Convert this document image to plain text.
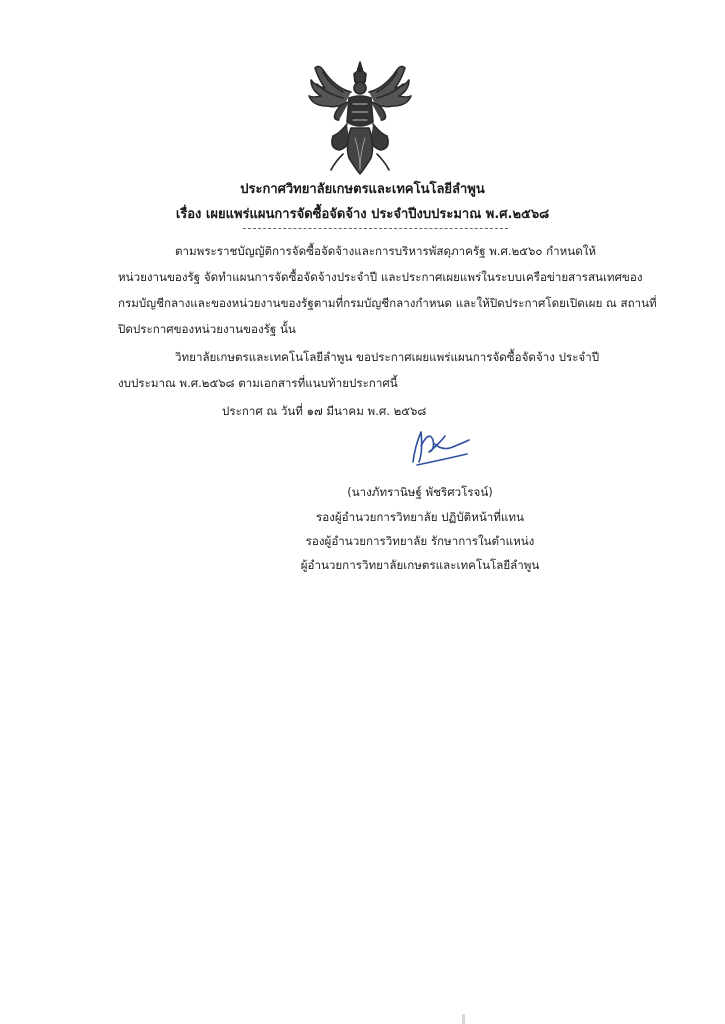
ประกาศวิทยาลัยเกษตรและเทคโนโลยีลำพูน
เรื่อง เผยแพร่แผนการจัดซื้อจัดจ้าง ประจำปีงบประมาณ พ.ศ.๒๕๖๘
ตามพระราชบัญญัติการจัดซื้อจัดจ้างและการบริหารพัสดุภาครัฐ พ.ศ.๒๕๖๐ กำหนดให้
หน่วยงานของรัฐ จัดทำแผนการจัดซื้อจัดจ้างประจำปี และประกาศเผยแพร่ในระบบเครือข่ายสารสนเทศของ
กรมบัญชีกลางและของหน่วยงานของรัฐตามที่กรมบัญชีกลางกำหนด และให้ปิดประกาศโดยเปิดเผย ณ สถานที่
ปิดประกาศของหน่วยงานของรัฐ นั้น
วิทยาลัยเกษตรและเทคโนโลยีลำพูน ขอประกาศเผยแพร่แผนการจัดซื้อจัดจ้าง ประจำปี
งบประมาณ พ.ศ.๒๕๖๘ ตามเอกสารที่แนบท้ายประกาศนี้
ประกาศ ณ วันที่ ๑๗ มีนาคม พ.ศ. ๒๕๖๘
(นางภัทรานิษฐ์ พัชริศวโรจน์)
รองผู้อำนวยการวิทยาลัย ปฏิบัติหน้าที่แทน
รองผู้อำนวยการวิทยาลัย รักษาการในตำแหน่ง
ผู้อำนวยการวิทยาลัยเกษตรและเทคโนโลยีลำพูน
